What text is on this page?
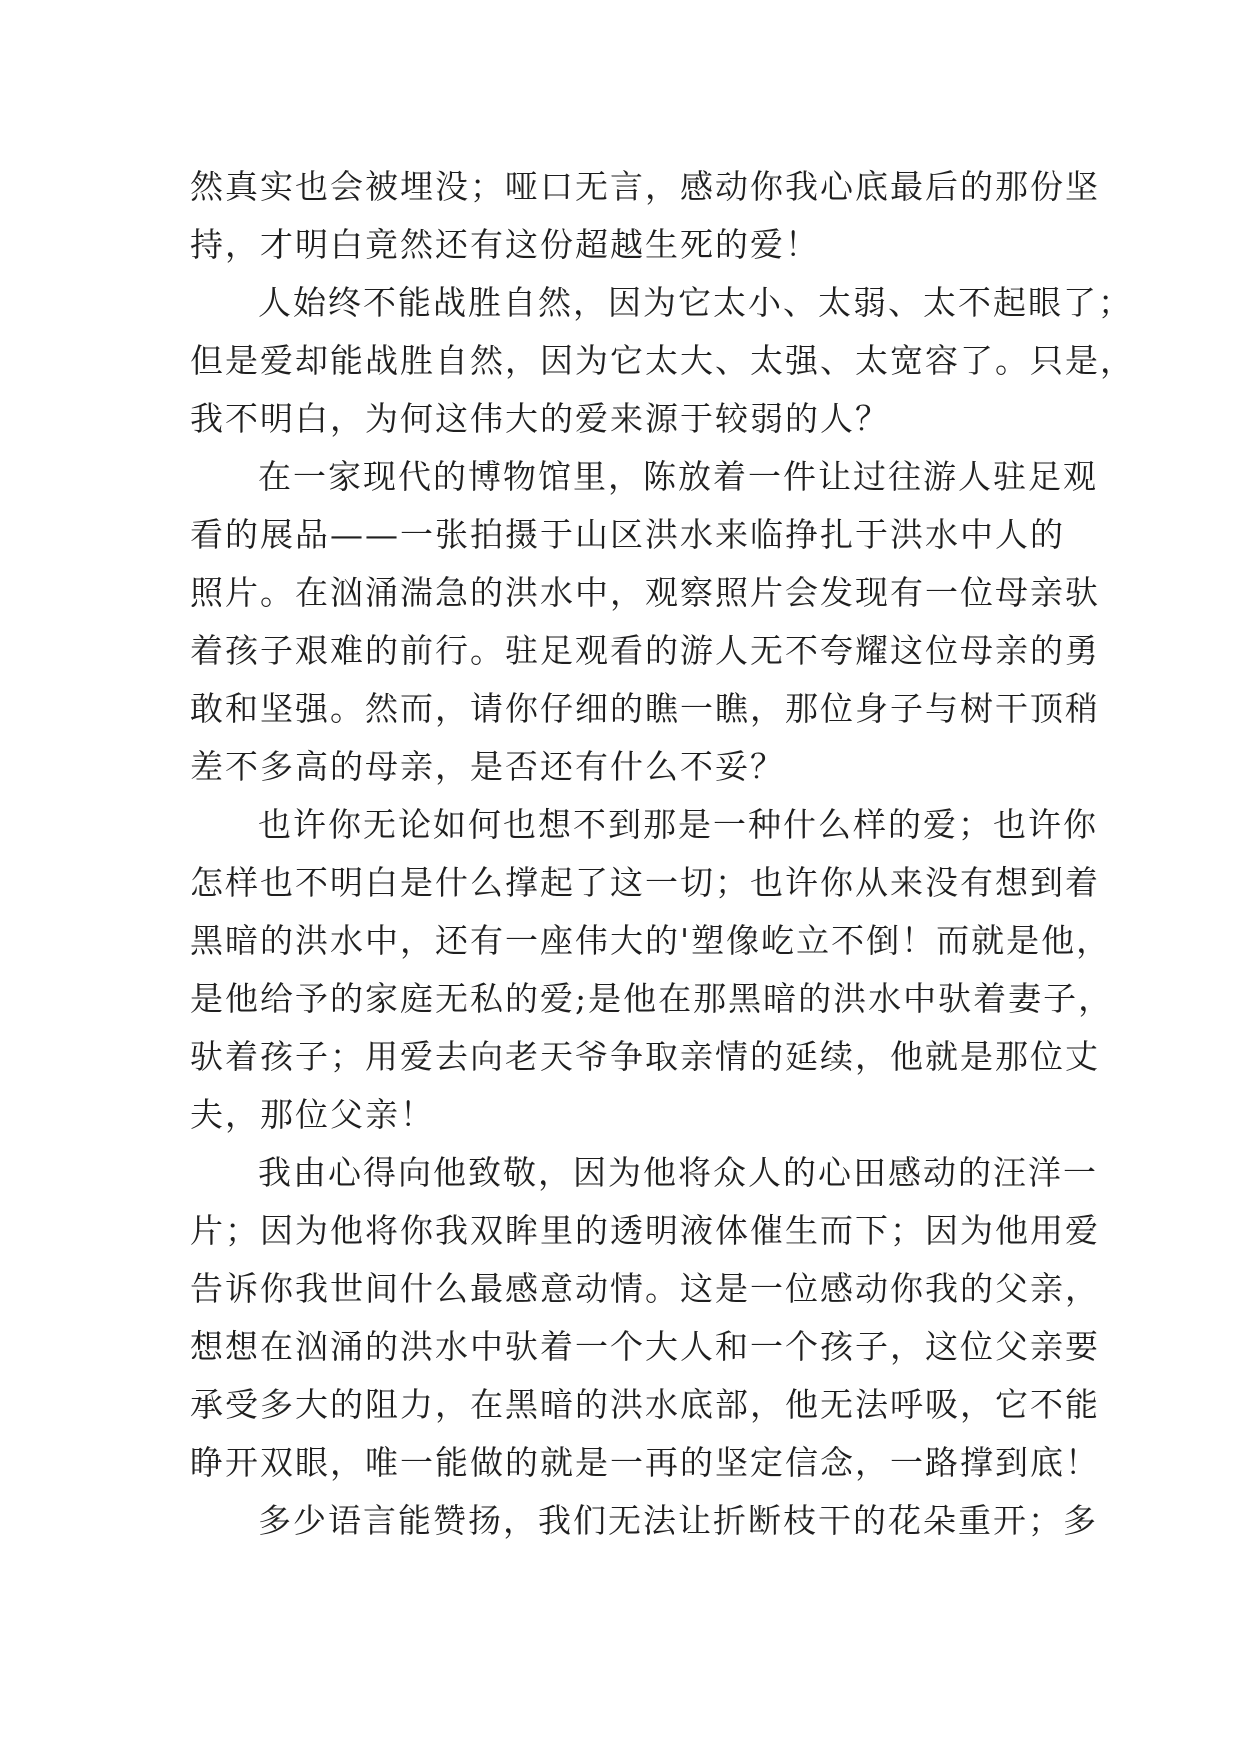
然真实也会被埋没；哑口无言，感动你我心底最后的那份坚
持，才明白竟然还有这份超越生死的爱！
人始终不能战胜自然，因为它太小、太弱、太不起眼了；
但是爱却能战胜自然，因为它太大、太强、太宽容了。只是，
我不明白，为何这伟大的爱来源于较弱的人？
在一家现代的博物馆里，陈放着一件让过往游人驻足观
看的展品——一张拍摄于山区洪水来临挣扎于洪水中人的
照片。在汹涌湍急的洪水中，观察照片会发现有一位母亲驮
着孩子艰难的前行。驻足观看的游人无不夸耀这位母亲的勇
敢和坚强。然而，请你仔细的瞧一瞧，那位身子与树干顶稍
差不多高的母亲，是否还有什么不妥？
也许你无论如何也想不到那是一种什么样的爱；也许你
怎样也不明白是什么撑起了这一切；也许你从来没有想到着
黑暗的洪水中，还有一座伟大的'塑像屹立不倒！而就是他，
是他给予的家庭无私的爱;是他在那黑暗的洪水中驮着妻子，
驮着孩子；用爱去向老天爷争取亲情的延续，他就是那位丈
夫，那位父亲！
我由心得向他致敬，因为他将众人的心田感动的汪洋一
片；因为他将你我双眸里的透明液体催生而下；因为他用爱
告诉你我世间什么最感意动情。这是一位感动你我的父亲，
想想在汹涌的洪水中驮着一个大人和一个孩子，这位父亲要
承受多大的阻力，在黑暗的洪水底部，他无法呼吸，它不能
睁开双眼，唯一能做的就是一再的坚定信念，一路撑到底！
多少语言能赞扬，我们无法让折断枝干的花朵重开；多
